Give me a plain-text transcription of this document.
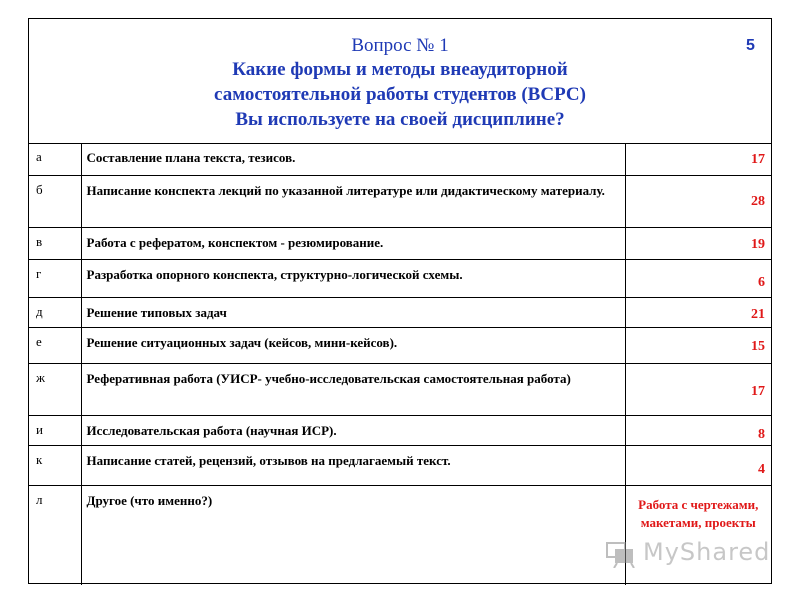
Вопрос № 1
Какие формы и методы внеаудиторной
самостоятельной работы студентов (ВСРС)
Вы используете на своей дисциплине?
5
а	Составление плана текста, тезисов.	17

б	Написание конспекта лекций по указанной литературе или дидактическому материалу.	28

в	Работа с рефератом, конспектом - резюмирование.	19

г	Разработка опорного конспекта, структурно-логической схемы.	6

д	Решение типовых задач	21

е	Решение ситуационных задач (кейсов, мини-кейсов).	15

ж	Реферативная работа (УИСР- учебно-исследовательская самостоятельная работа)	17

и	Исследовательская работа (научная ИСР).	8

к	Написание статей, рецензий, отзывов на предлагаемый текст.	4

л	Другое (что именно?)	Работа с чертежами, макетами, проекты
MyShared
